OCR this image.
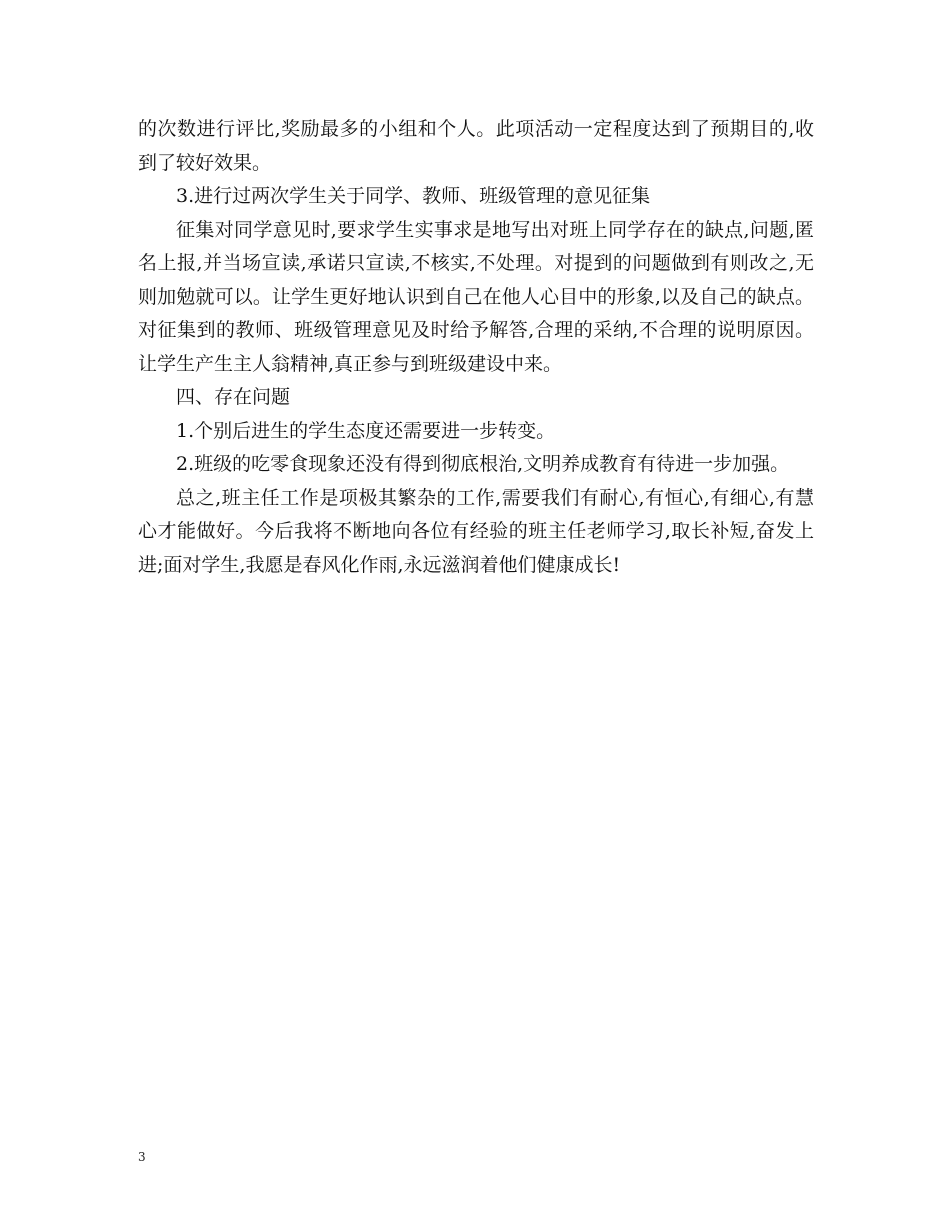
的次数进行评比,奖励最多的小组和个人。此项活动一定程度达到了预期目的,收到了较好效果。

3.进行过两次学生关于同学、教师、班级管理的意见征集

征集对同学意见时,要求学生实事求是地写出对班上同学存在的缺点,问题,匿名上报,并当场宣读,承诺只宣读,不核实,不处理。对提到的问题做到有则改之,无则加勉就可以。让学生更好地认识到自己在他人心目中的形象,以及自己的缺点。对征集到的教师、班级管理意见及时给予解答,合理的采纳,不合理的说明原因。让学生产生主人翁精神,真正参与到班级建设中来。

四、存在问题

1.个别后进生的学生态度还需要进一步转变。

2.班级的吃零食现象还没有得到彻底根治,文明养成教育有待进一步加强。

总之,班主任工作是项极其繁杂的工作,需要我们有耐心,有恒心,有细心,有慧心才能做好。今后我将不断地向各位有经验的班主任老师学习,取长补短,奋发上进;面对学生,我愿是春风化作雨,永远滋润着他们健康成长!

3
